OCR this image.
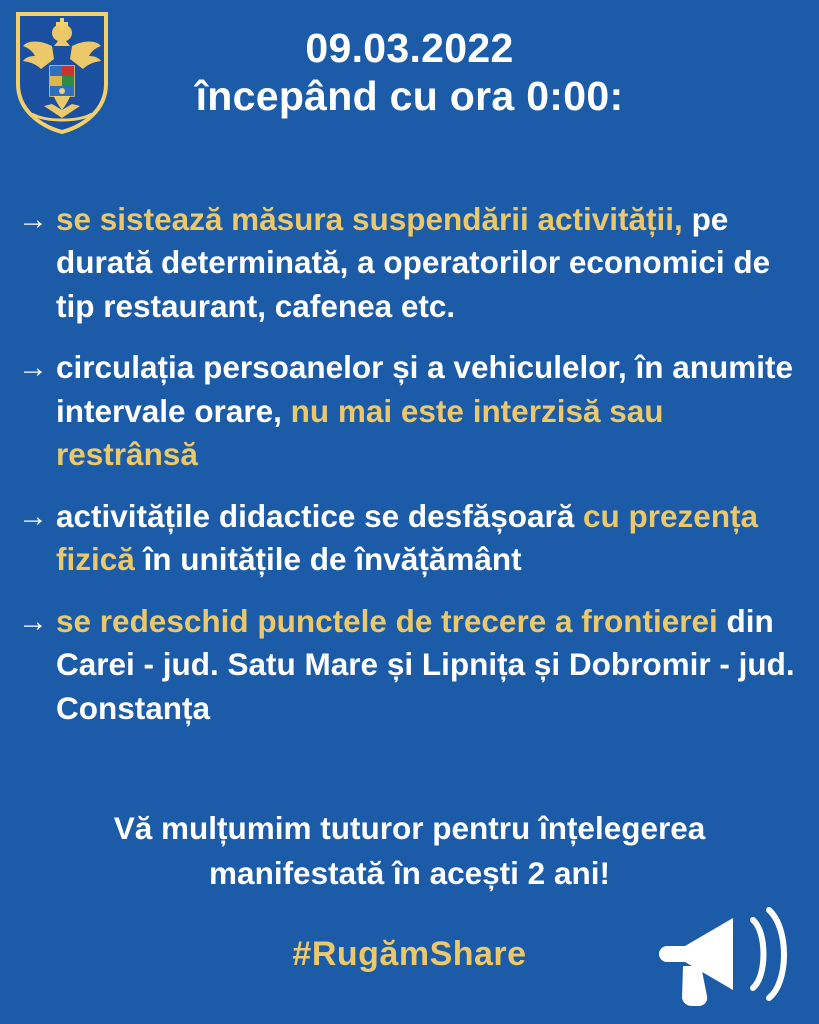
09.03.2022
începând cu ora 0:00:
→ se sistează măsura suspendării activității, pe durată determinată, a operatorilor economici de tip restaurant, cafenea etc.
→ circulația persoanelor și a vehiculelor, în anumite intervale orare, nu mai este interzisă sau restrânsă
→ activitățile didactice se desfășoară cu prezența fizică în unitățile de învățământ
→ se redeschid punctele de trecere a frontierei din Carei - jud. Satu Mare și Lipnița și Dobromir - jud. Constanța
Vă mulțumim tuturor pentru înțelegerea manifestată în acești 2 ani!
#RugămShare
